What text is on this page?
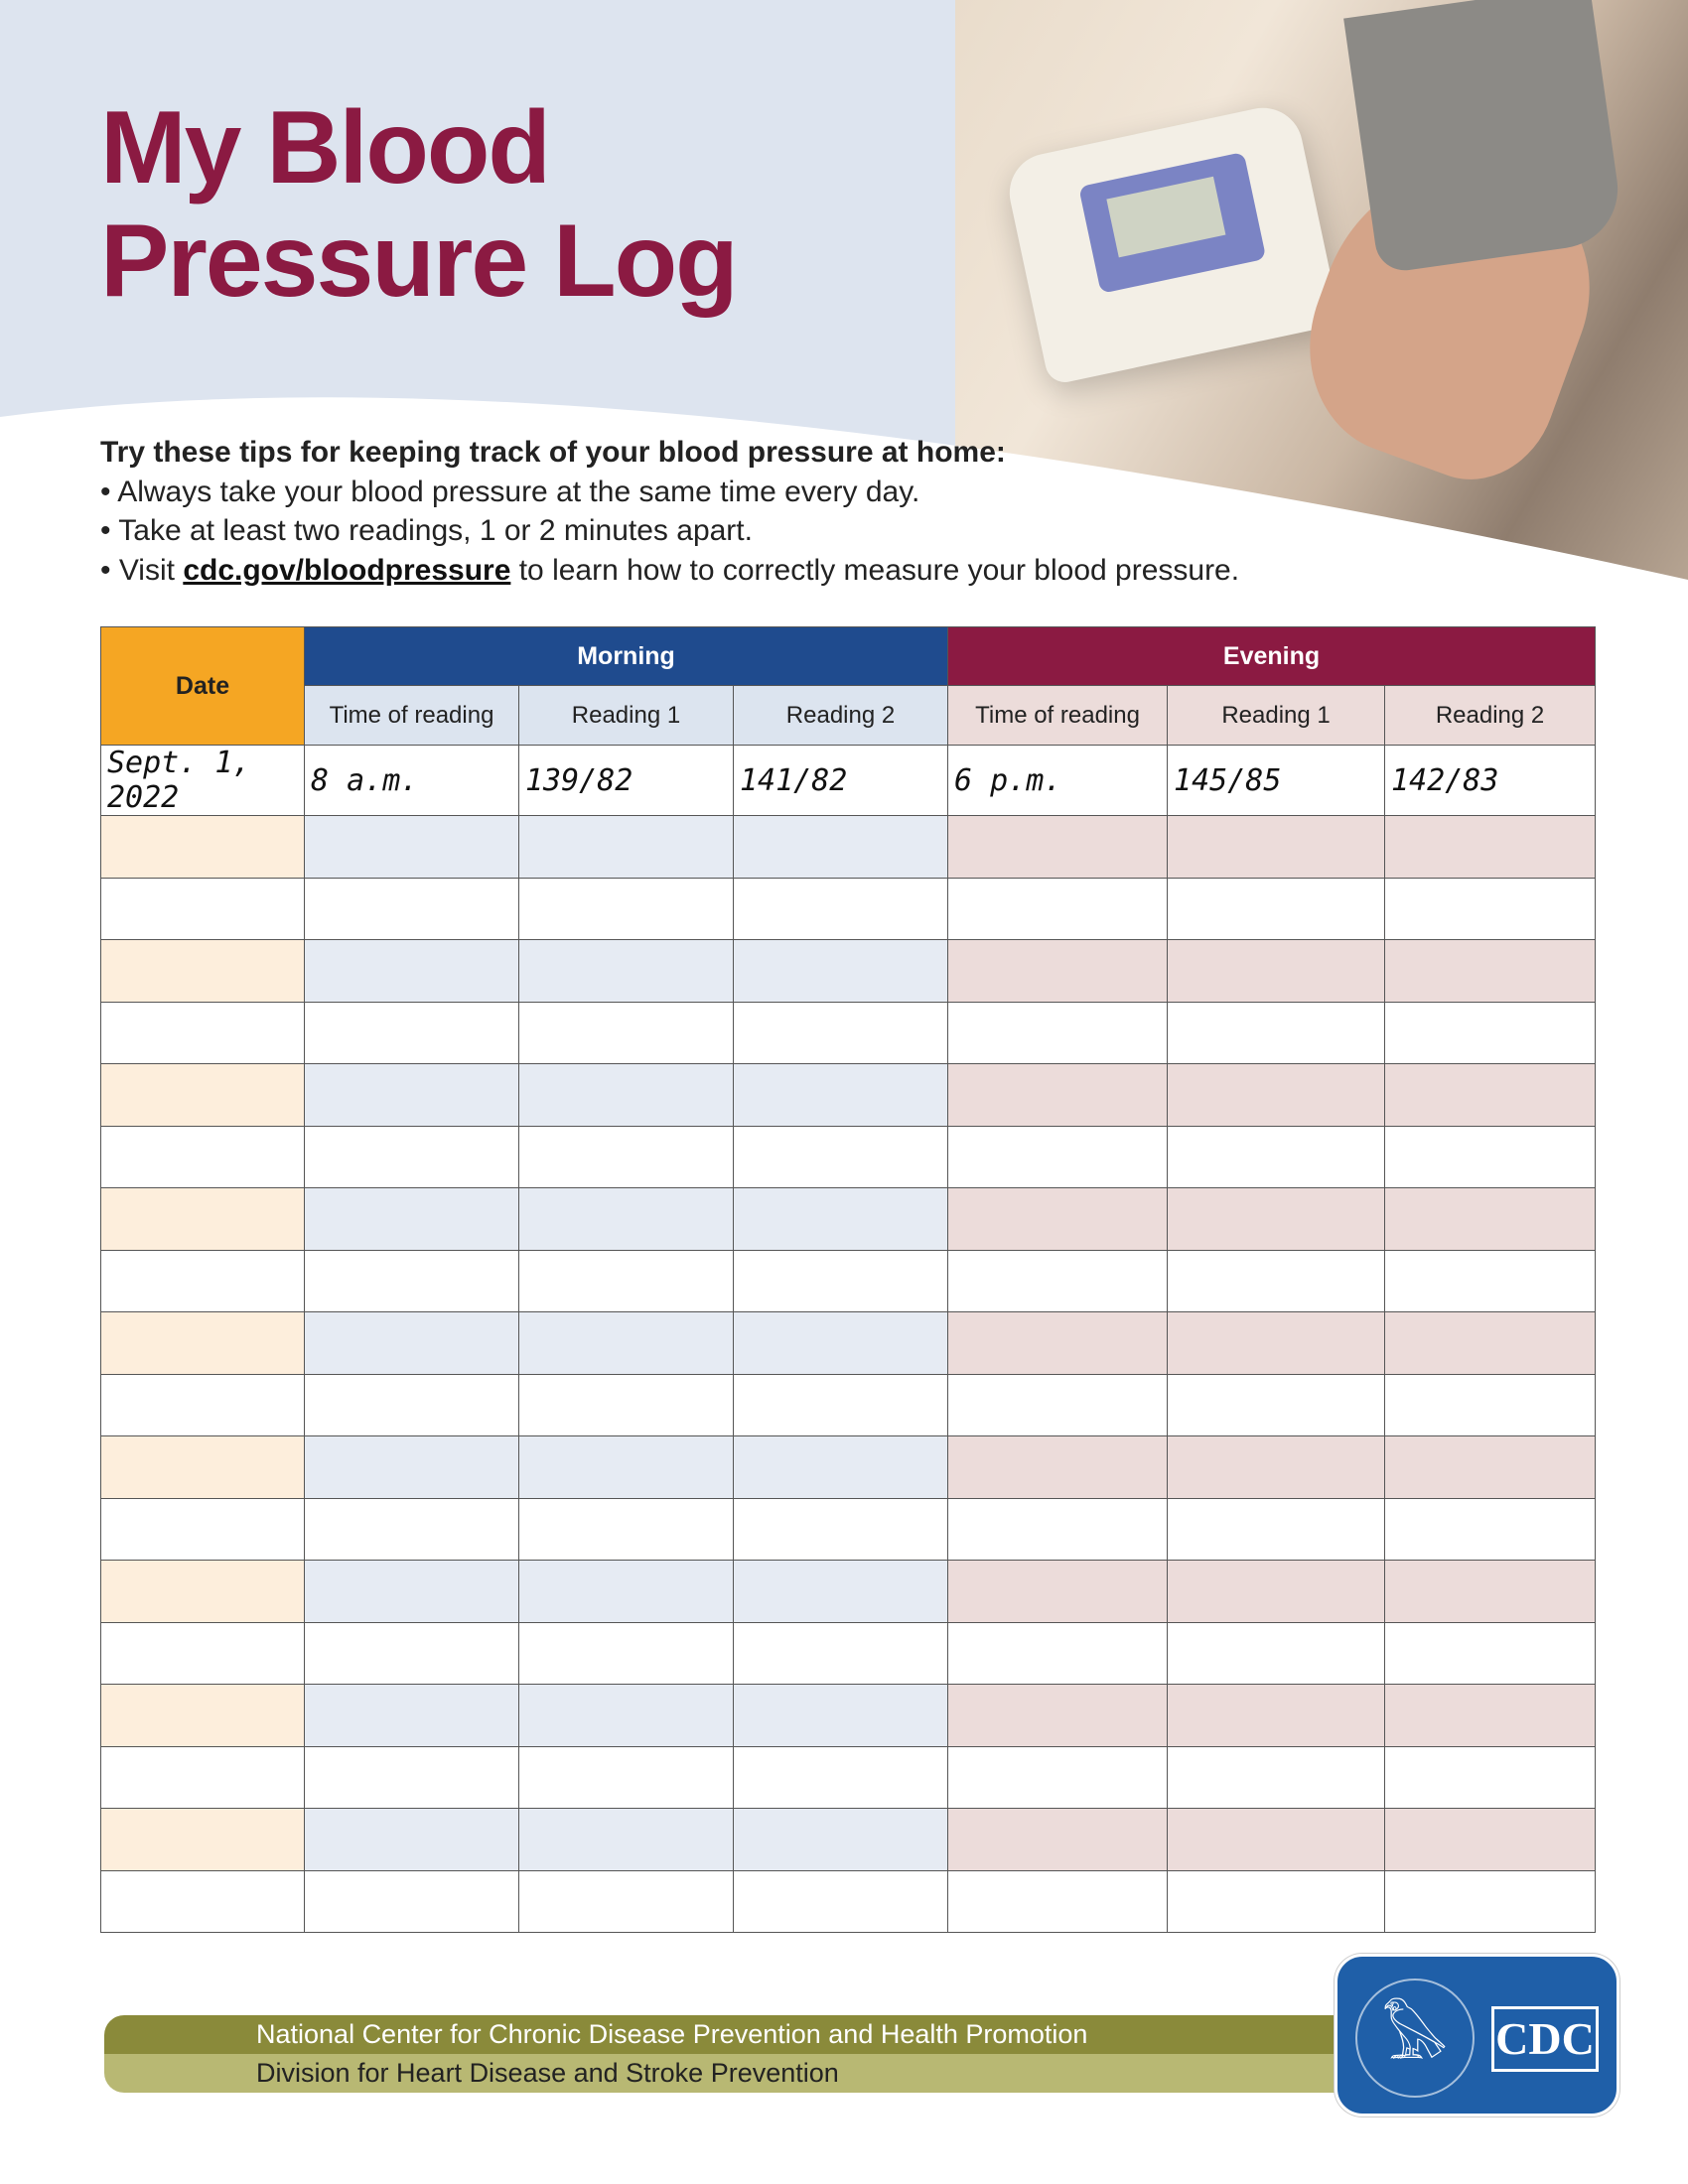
My Blood
Pressure Log
Try these tips for keeping track of your blood pressure at home:
• Always take your blood pressure at the same time every day.
• Take at least two readings, 1 or 2 minutes apart.
• Visit cdc.gov/bloodpressure to learn how to correctly measure your blood pressure.
Date	Morning			Evening		
	Time of reading	Reading 1	Reading 2	Time of reading	Reading 1	Reading 2
Sept. 1, 2022	8 a.m.	139/82	141/82	6 p.m.	145/85	142/83

National Center for Chronic Disease Prevention and Health Promotion
Division for Heart Disease and Stroke Prevention
𓅃	CDC
